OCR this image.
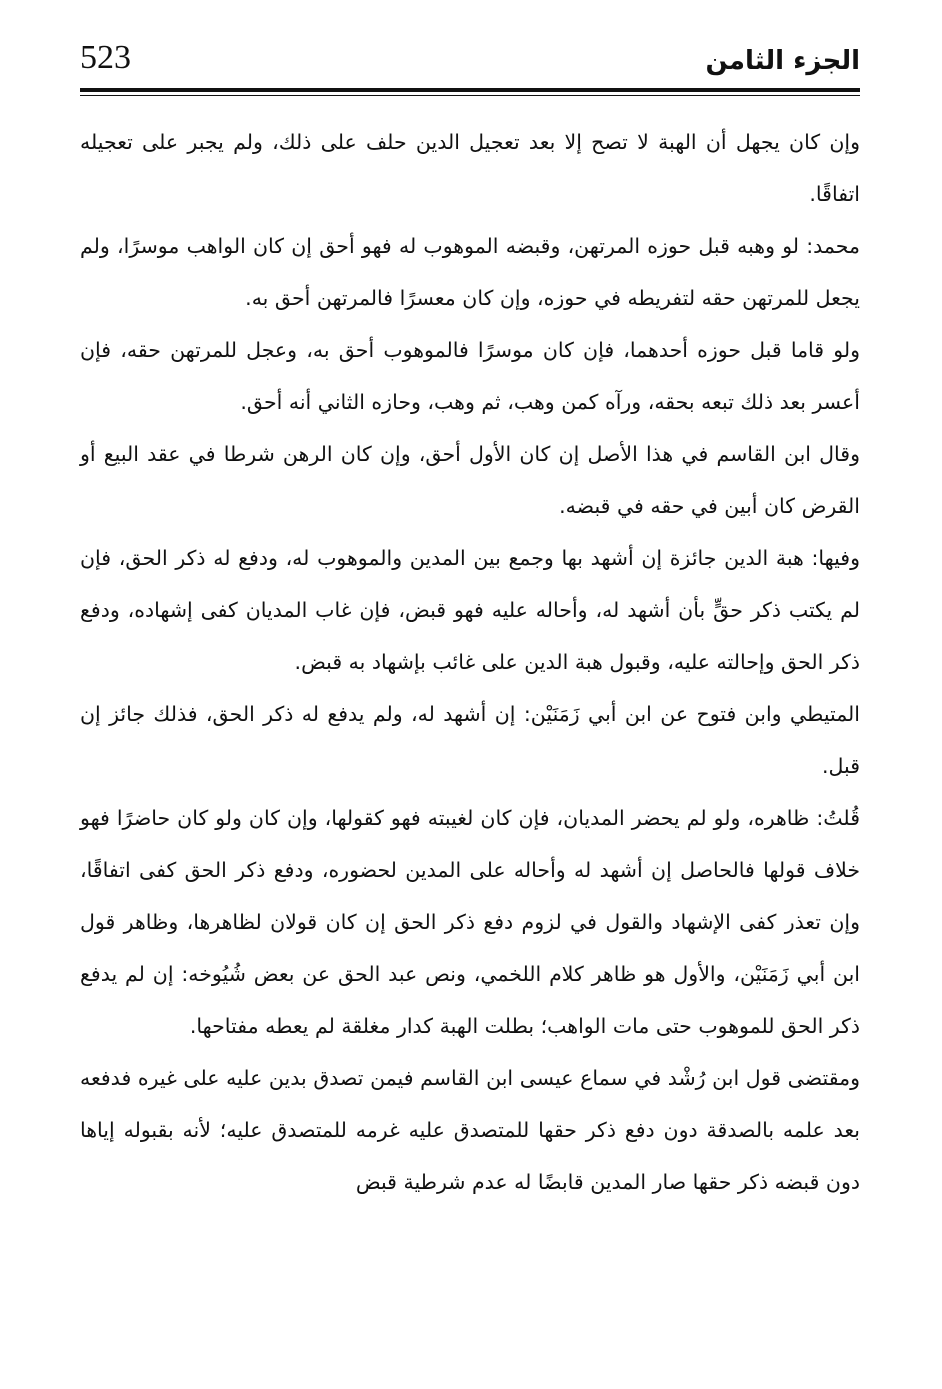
523	الجزء الثامن

وإن كان يجهل أن الهبة لا تصح إلا بعد تعجيل الدين حلف على ذلك، ولم يجبر على تعجيله اتفاقًا.

محمد: لو وهبه قبل حوزه المرتهن، وقبضه الموهوب له فهو أحق إن كان الواهب موسرًا، ولم يجعل للمرتهن حقه لتفريطه في حوزه، وإن كان معسرًا فالمرتهن أحق به.

ولو قاما قبل حوزه أحدهما، فإن كان موسرًا فالموهوب أحق به، وعجل للمرتهن حقه، فإن أعسر بعد ذلك تبعه بحقه، ورآه كمن وهب، ثم وهب، وحازه الثاني أنه أحق.

وقال ابن القاسم في هذا الأصل إن كان الأول أحق، وإن كان الرهن شرطا في عقد البيع أو القرض كان أبين في حقه في قبضه.

وفيها: هبة الدين جائزة إن أشهد بها وجمع بين المدين والموهوب له، ودفع له ذكر الحق، فإن لم يكتب ذكر حقٍّ بأن أشهد له، وأحاله عليه فهو قبض، فإن غاب المديان كفى إشهاده، ودفع ذكر الحق وإحالته عليه، وقبول هبة الدين على غائب بإشهاد به قبض.

المتيطي وابن فتوح عن ابن أبي زَمَنَيْن: إن أشهد له، ولم يدفع له ذكر الحق، فذلك جائز إن قبل.

قُلتُ: ظاهره، ولو لم يحضر المديان، فإن كان لغيبته فهو كقولها، وإن كان ولو كان حاضرًا فهو خلاف قولها فالحاصل إن أشهد له وأحاله على المدين لحضوره، ودفع ذكر الحق كفى اتفاقًا، وإن تعذر كفى الإشهاد والقول في لزوم دفع ذكر الحق إن كان قولان لظاهرها، وظاهر قول ابن أبي زَمَنَيْن، والأول هو ظاهر كلام اللخمي، ونص عبد الحق عن بعض شُيُوخه: إن لم يدفع ذكر الحق للموهوب حتى مات الواهب؛ بطلت الهبة كدار مغلقة لم يعطه مفتاحها.

ومقتضى قول ابن رُشْد في سماع عيسى ابن القاسم فيمن تصدق بدين عليه على غيره فدفعه بعد علمه بالصدقة دون دفع ذكر حقها للمتصدق عليه غرمه للمتصدق عليه؛ لأنه بقبوله إياها دون قبضه ذكر حقها صار المدين قابضًا له عدم شرطية قبض
